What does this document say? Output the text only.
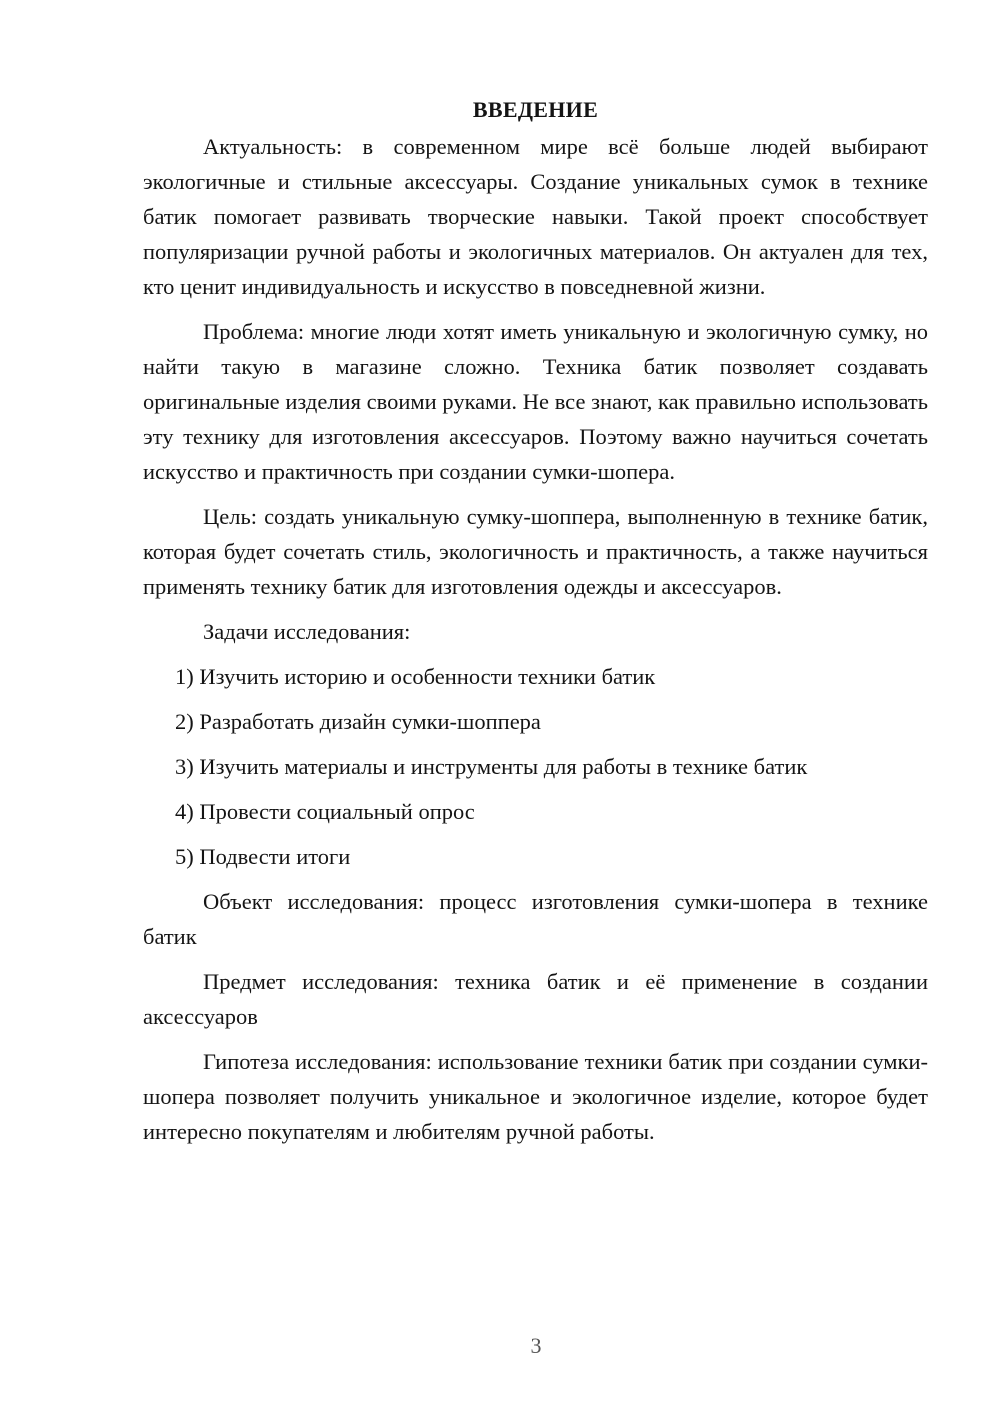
ВВЕДЕНИЕ

Актуальность: в современном мире всё больше людей выбирают экологичные и стильные аксессуары. Создание уникальных сумок в технике батик помогает развивать творческие навыки. Такой проект способствует популяризации ручной работы и экологичных материалов. Он актуален для тех, кто ценит индивидуальность и искусство в повседневной жизни.

Проблема: многие люди хотят иметь уникальную и экологичную сумку, но найти такую в магазине сложно. Техника батик позволяет создавать оригинальные изделия своими руками. Не все знают, как правильно использовать эту технику для изготовления аксессуаров. Поэтому важно научиться сочетать искусство и практичность при создании сумки-шопера.

Цель: создать уникальную сумку-шоппера, выполненную в технике батик, которая будет сочетать стиль, экологичность и практичность, а также научиться применять технику батик для изготовления одежды и аксессуаров.

Задачи исследования:
1) Изучить историю и особенности техники батик
2) Разработать дизайн сумки-шоппера
3) Изучить материалы и инструменты для работы в технике батик
4) Провести социальный опрос
5) Подвести итоги

Объект исследования: процесс изготовления сумки-шопера в технике батик

Предмет исследования: техника батик и её применение в создании аксессуаров

Гипотеза исследования: использование техники батик при создании сумки-шопера позволяет получить уникальное и экологичное изделие, которое будет интересно покупателям и любителям ручной работы.

3
